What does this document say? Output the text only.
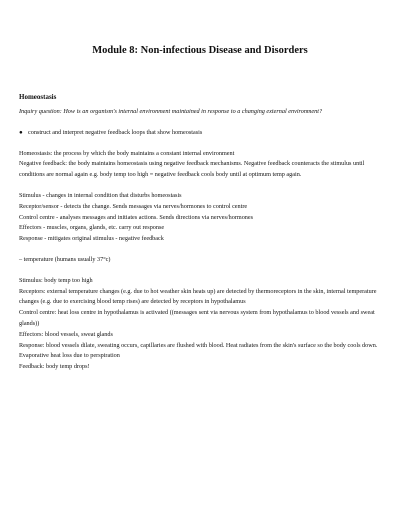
Module 8: Non-infectious Disease and Disorders

Homeostasis

Inquiry question: How is an organism's internal environment maintained in response to a changing external environment?

● construct and interpret negative feedback loops that show homeostasis

Homeostasis: the process by which the body maintains a constant internal environment

Negative feedback: the body maintains homeostasis using negative feedback mechanisms. Negative feedback counteracts the stimulus until conditions are normal again e.g. body temp too high = negative feedback cools body until at optimum temp again.

Stimulus - changes in internal condition that disturbs homeostasis

Receptor/sensor - detects the change. Sends messages via nerves/hormones to control centre

Control centre - analyses messages and initiates actions. Sends directions via nerves/hormones

Effectors - muscles, organs, glands, etc. carry out response

Response - mitigates original stimulus - negative feedback

– temperature (humans usually 37°c)

Stimulus: body temp too high

Receptors: external temperature changes (e.g. due to hot weather skin heats up) are detected by thermoreceptors in the skin, internal temperature changes (e.g. due to exercising blood temp rises) are detected by receptors in hypothalamus

Control centre: heat loss centre in hypothalamus is activated ((messages sent via nervous system from hypothalamus to blood vessels and sweat glands))

Effectors: blood vessels, sweat glands

Response: blood vessels dilate, sweating occurs, capillaries are flushed with blood. Heat radiates from the skin's surface so the body cools down. Evaporative heat loss due to perspiration

Feedback: body temp drops!
